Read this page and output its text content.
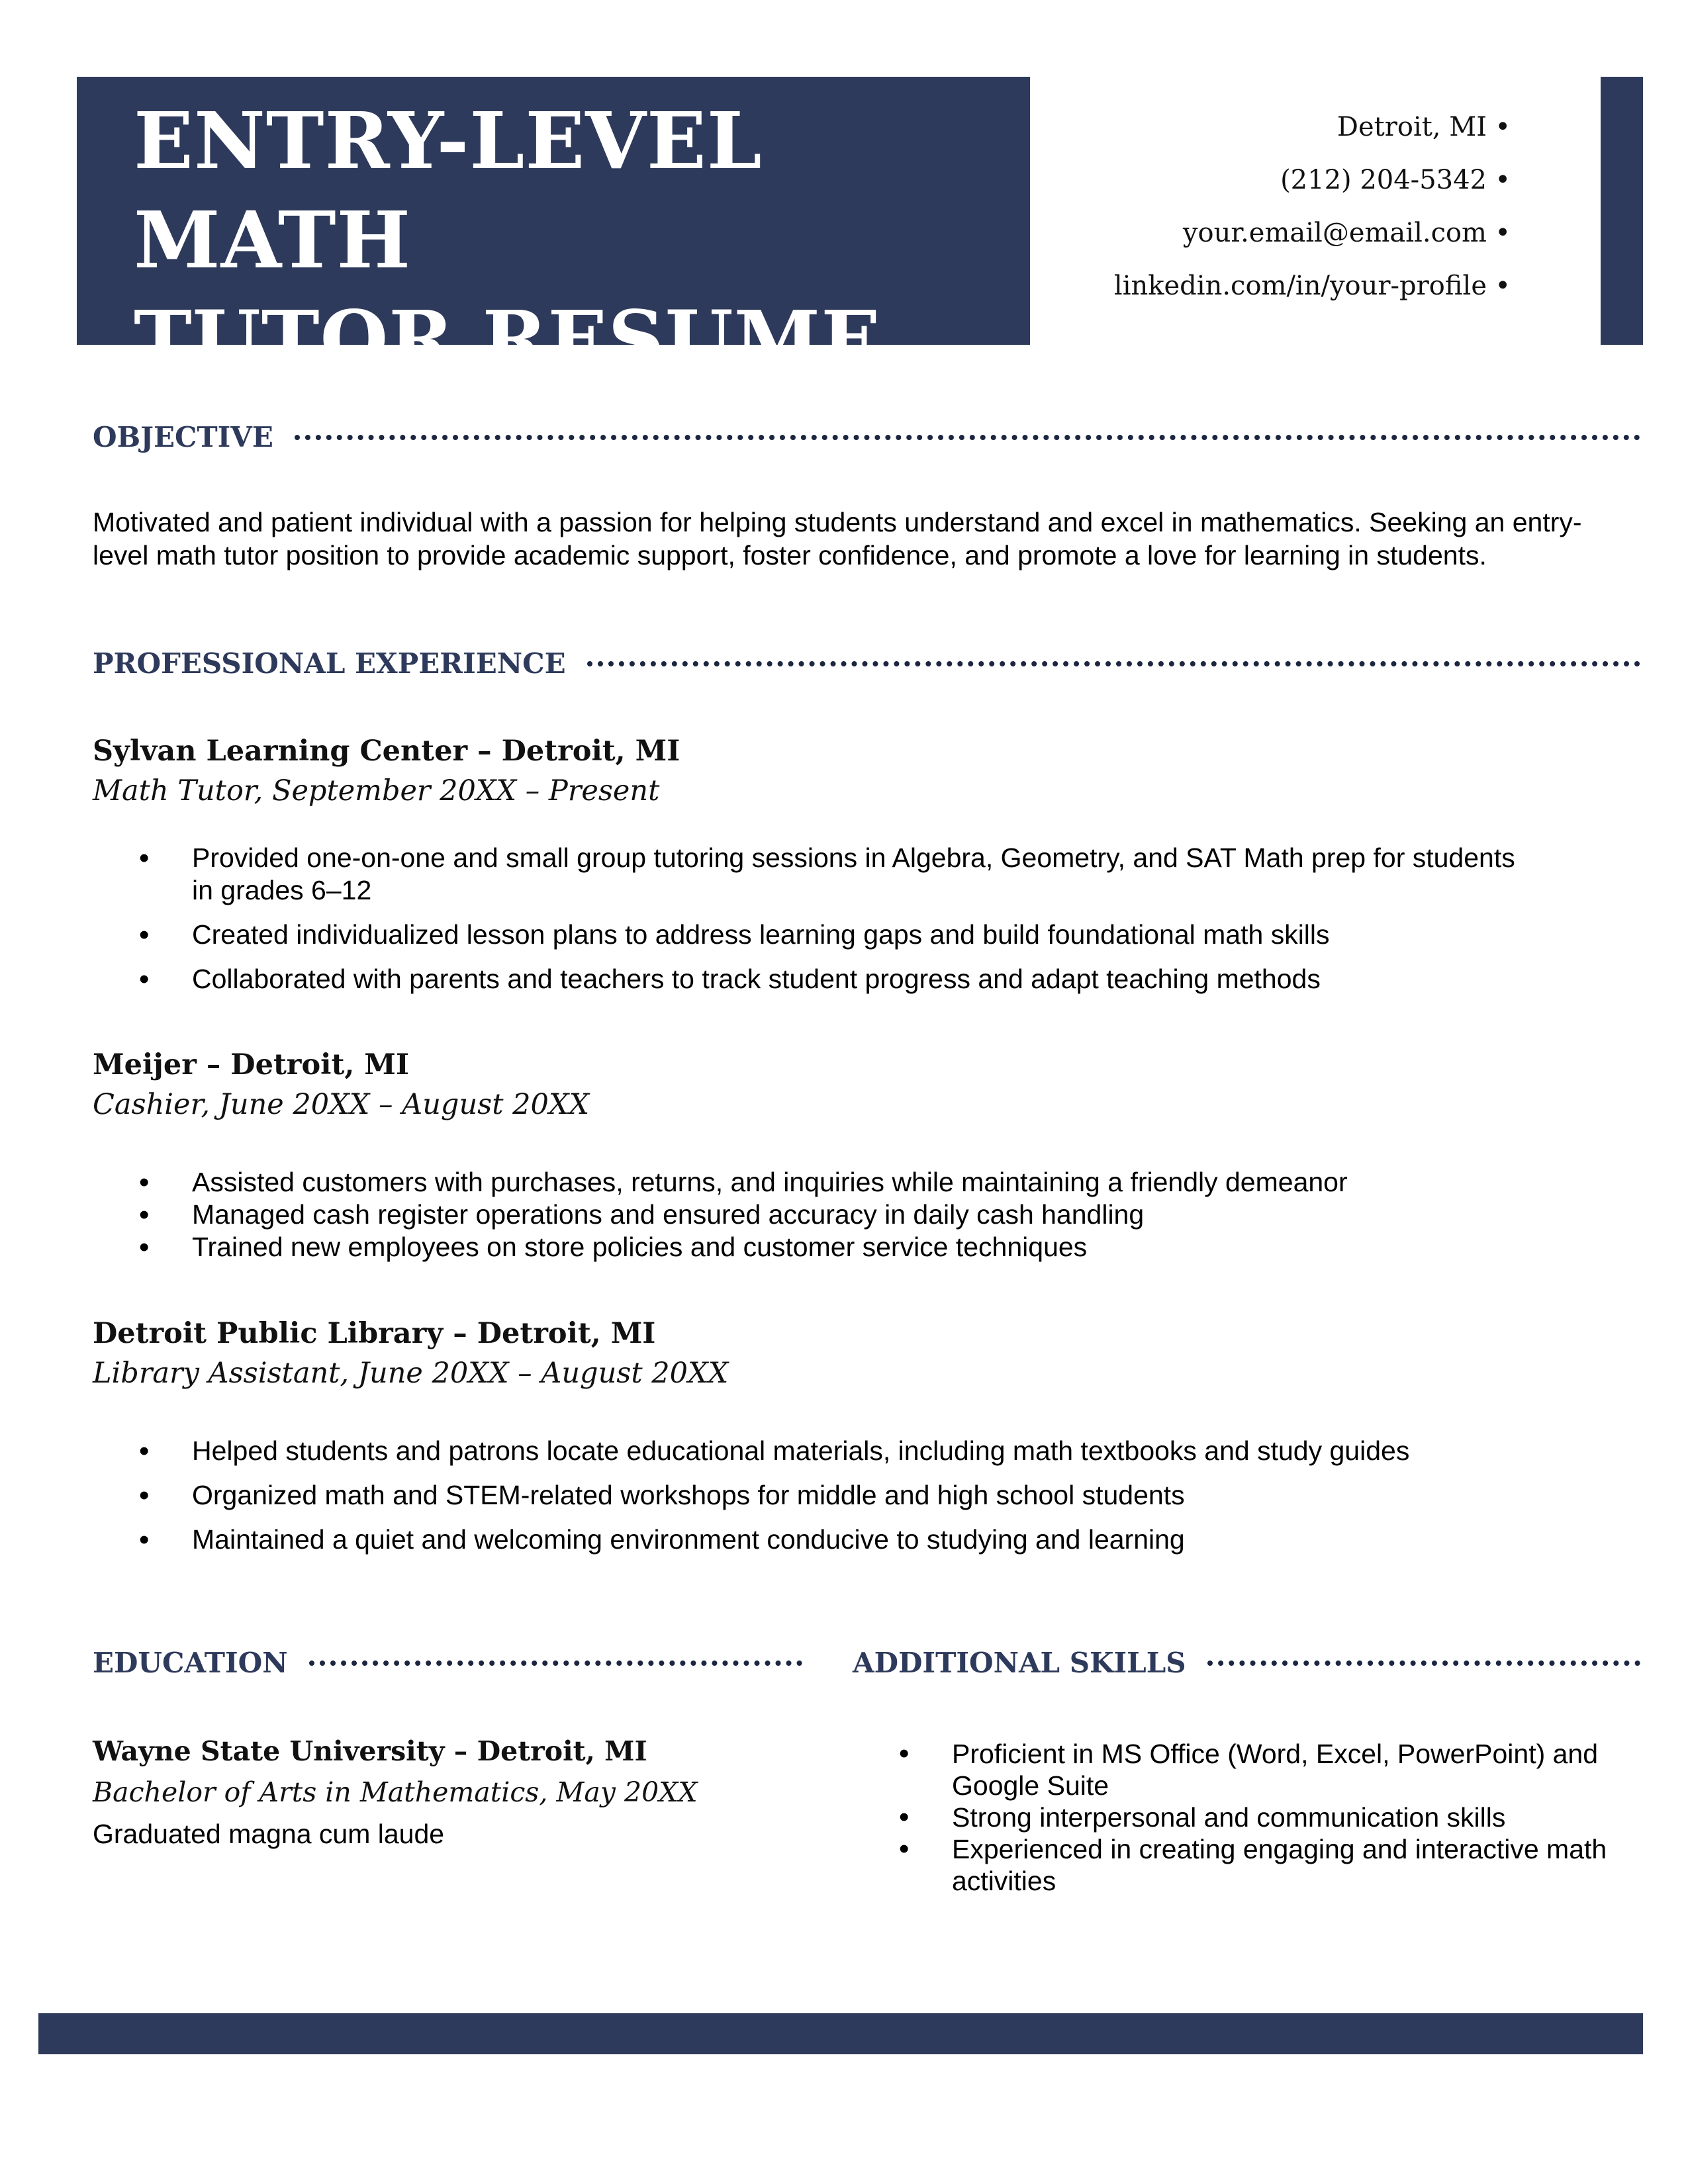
ENTRY-LEVEL MATH
TUTOR RESUME
Example by Resume Genius
Detroit, MI •
(212) 204-5342 •
your.email@email.com •
linkedin.com/in/your-profile •
OBJECTIVE
Motivated and patient individual with a passion for helping students understand and excel in mathematics. Seeking an entry-level math tutor position to provide academic support, foster confidence, and promote a love for learning in students.
PROFESSIONAL EXPERIENCE
Sylvan Learning Center – Detroit, MI
Math Tutor, September 20XX – Present
• Provided one-on-one and small group tutoring sessions in Algebra, Geometry, and SAT Math prep for students in grades 6–12
• Created individualized lesson plans to address learning gaps and build foundational math skills
• Collaborated with parents and teachers to track student progress and adapt teaching methods
Meijer – Detroit, MI
Cashier, June 20XX – August 20XX
• Assisted customers with purchases, returns, and inquiries while maintaining a friendly demeanor
• Managed cash register operations and ensured accuracy in daily cash handling
• Trained new employees on store policies and customer service techniques
Detroit Public Library – Detroit, MI
Library Assistant, June 20XX – August 20XX
• Helped students and patrons locate educational materials, including math textbooks and study guides
• Organized math and STEM-related workshops for middle and high school students
• Maintained a quiet and welcoming environment conducive to studying and learning
EDUCATION
Wayne State University – Detroit, MI
Bachelor of Arts in Mathematics, May 20XX
Graduated magna cum laude
ADDITIONAL SKILLS
• Proficient in MS Office (Word, Excel, PowerPoint) and Google Suite
• Strong interpersonal and communication skills
• Experienced in creating engaging and interactive math activities
